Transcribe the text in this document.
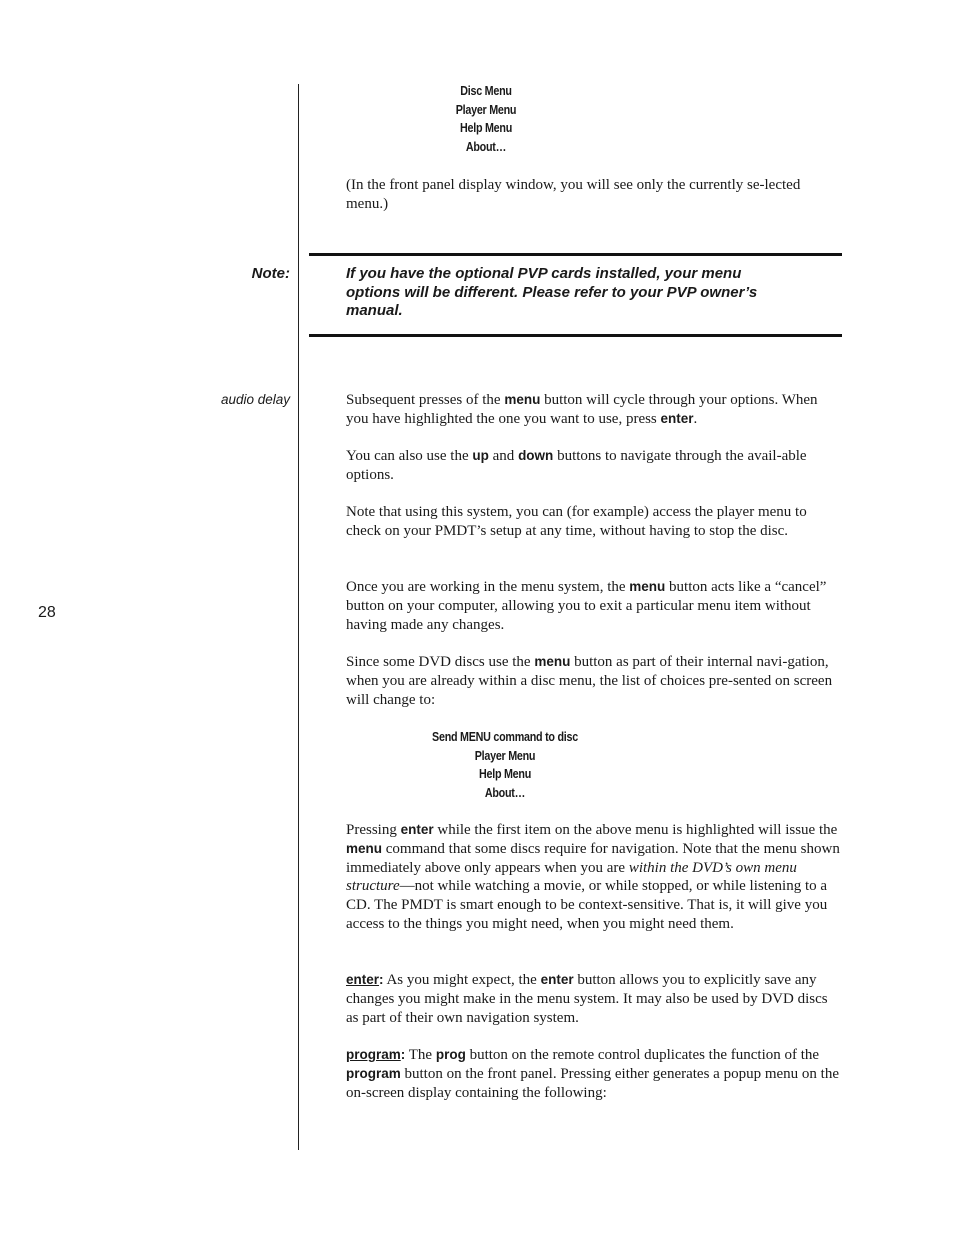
Disc Menu
Player Menu
Help Menu
About…

(In the front panel display window, you will see only the currently se-lected menu.)

Note:	If you have the optional PVP cards installed, your menu options will be different. Please refer to your PVP owner’s manual.
audio delay
28

Subsequent presses of the menu button will cycle through your options. When you have highlighted the one you want to use, press enter.

You can also use the up and down buttons to navigate through the avail-able options.

Note that using this system, you can (for example) access the player menu to check on your PMDT’s setup at any time, without having to stop the disc.

Once you are working in the menu system, the menu button acts like a “cancel” button on your computer, allowing you to exit a particular menu item without having made any changes.

Since some DVD discs use the menu button as part of their internal navi-gation, when you are already within a disc menu, the list of choices pre-sented on screen will change to:

Send MENU command to disc
Player Menu
Help Menu
About…

Pressing enter while the first item on the above menu is highlighted will issue the menu command that some discs require for navigation. Note that the menu shown immediately above only appears when you are within the DVD’s own menu structure—not while watching a movie, or while stopped, or while listening to a CD. The PMDT is smart enough to be context-sensitive. That is, it will give you access to the things you might need, when you might need them.

enter: As you might expect, the enter button allows you to explicitly save any changes you might make in the menu system. It may also be used by DVD discs as part of their own navigation system.

program: The prog button on the remote control duplicates the function of the program button on the front panel. Pressing either generates a popup menu on the on-screen display containing the following:
